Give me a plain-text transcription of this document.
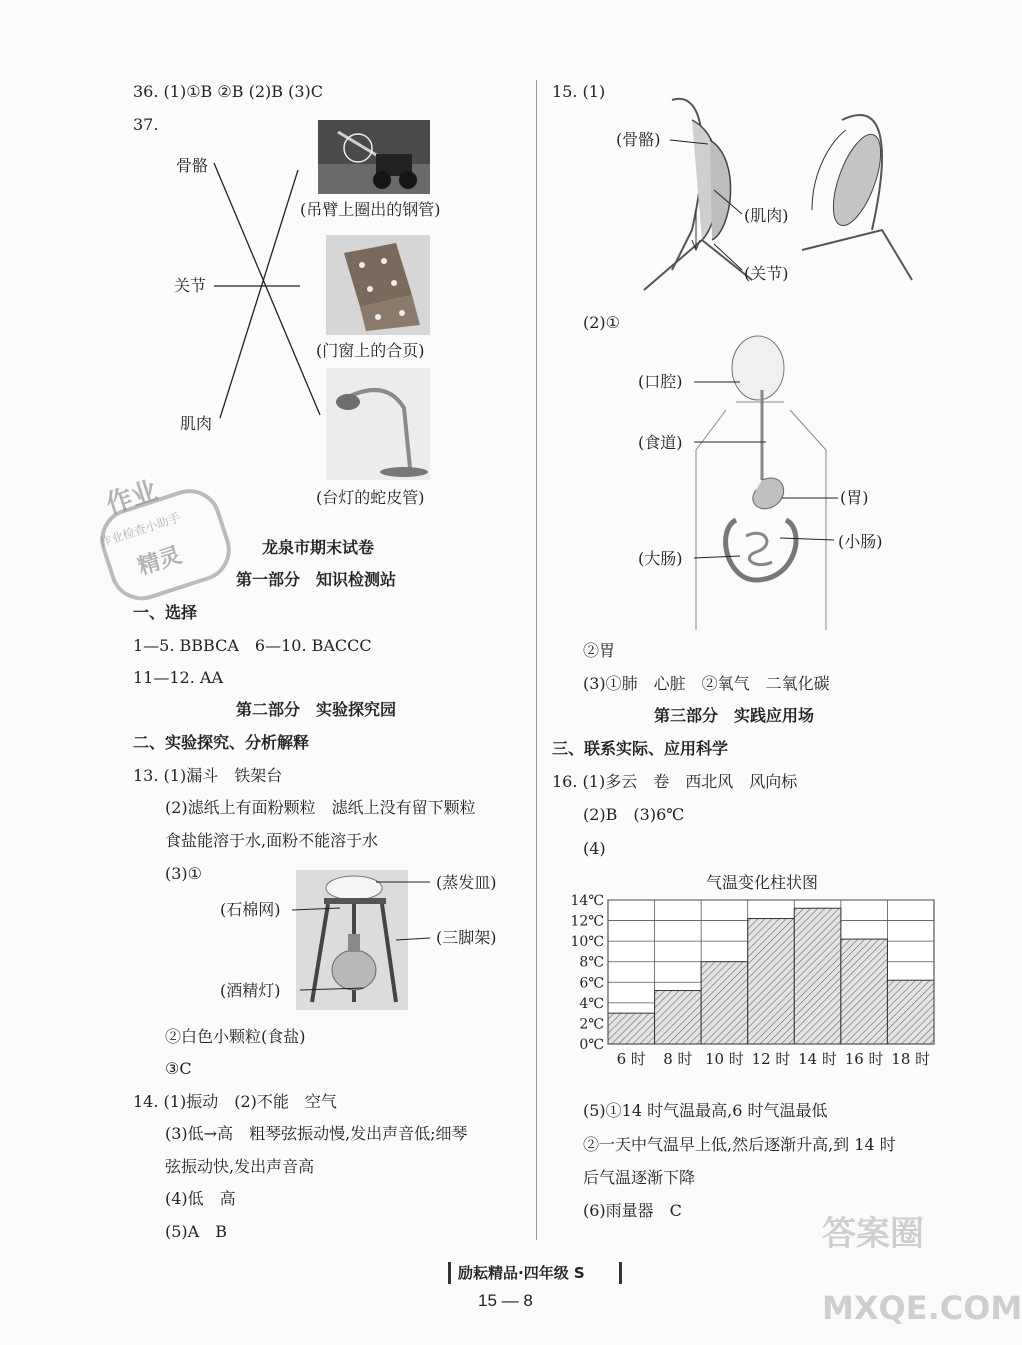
36. (1)①B ②B (2)B (3)C
37.
骨骼
关节
肌肉
(吊臂上圈出的钢管)
(门窗上的合页)
(台灯的蛇皮管)
作业
精灵
作业检查小助手	龙泉市期末试卷
第一部分　知识检测站
一、选择
1—5. BBBCA　6—10. BACCC
11—12. AA
第二部分　实验探究园
二、实验探究、分析解释
13. (1)漏斗　铁架台
(2)滤纸上有面粉颗粒　滤纸上没有留下颗粒
食盐能溶于水,面粉不能溶于水
(3)①	(蒸发皿)
(石棉网)
(三脚架)
(酒精灯)
②白色小颗粒(食盐)
③C
14. (1)振动　(2)不能　空气
(3)低→高　粗琴弦振动慢,发出声音低;细琴
弦振动快,发出声音高
(4)低　高
(5)A　B
15. (1)
(骨骼)
(肌肉)
(关节)
(2)①
(口腔)
(食道)
(胃)
(小肠)
(大肠)
②胃
(3)①肺　心脏　②氧气　二氧化碳
第三部分　实践应用场
三、联系实际、应用科学
16. (1)多云　卷　西北风　风向标
(2)B　(3)6℃
(4)
气温变化柱状图
0℃
2℃
4℃
6℃
8℃
10℃
12℃
14℃
6 时 8 时 10 时 12 时 14 时 16 时 18 时
(5)①14 时气温最高,6 时气温最低
②一天中气温早上低,然后逐渐升高,到 14 时
后气温逐渐下降
(6)雨量器　C
励耘精品·四年级 S
15 — 8
答案圈
MXQE.COM
